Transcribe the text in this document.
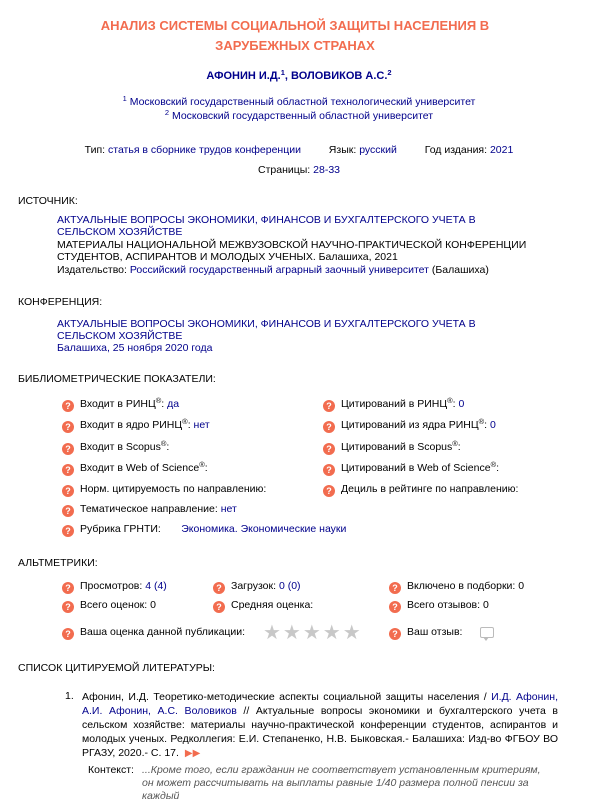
АНАЛИЗ СИСТЕМЫ СОЦИАЛЬНОЙ ЗАЩИТЫ НАСЕЛЕНИЯ В ЗАРУБЕЖНЫХ СТРАНАХ
АФОНИН И.Д.$^1$, ВОЛОВИКОВ А.С.$^2$
$^1$ Московский государственный областной технологический университет
$^2$ Московский государственный областной университет
Тип: статья в сборнике трудов конференции	Язык: русский	Год издания: 2021
Страницы: 28-33
ИСТОЧНИК:
АКТУАЛЬНЫЕ ВОПРОСЫ ЭКОНОМИКИ, ФИНАНСОВ И БУХГАЛТЕРСКОГО УЧЕТА В СЕЛЬСКОМ ХОЗЯЙСТВЕ
МАТЕРИАЛЫ НАЦИОНАЛЬНОЙ МЕЖВУЗОВСКОЙ НАУЧНО-ПРАКТИЧЕСКОЙ КОНФЕРЕНЦИИ СТУДЕНТОВ, АСПИРАНТОВ И МОЛОДЫХ УЧЕНЫХ. Балашиха, 2021
Издательство: Российский государственный аграрный заочный университет (Балашиха)
КОНФЕРЕНЦИЯ:
АКТУАЛЬНЫЕ ВОПРОСЫ ЭКОНОМИКИ, ФИНАНСОВ И БУХГАЛТЕРСКОГО УЧЕТА В СЕЛЬСКОМ ХОЗЯЙСТВЕ
Балашиха, 25 ноября 2020 года
БИБЛИОМЕТРИЧЕСКИЕ ПОКАЗАТЕЛИ:
? Входит в РИНЦ®: да	? Цитирований в РИНЦ®: 0
? Входит в ядро РИНЦ®: нет	? Цитирований из ядра РИНЦ®: 0
? Входит в Scopus®:	? Цитирований в Scopus®:
? Входит в Web of Science®:	? Цитирований в Web of Science®:
? Норм. цитируемость по направлению:	? Дециль в рейтинге по направлению:
? Тематическое направление: нет
? Рубрика ГРНТИ: Экономика. Экономические науки
АЛЬТМЕТРИКИ:
? Просмотров: 4 (4)	? Загрузок: 0 (0)	? Включено в подборки: 0
? Всего оценок: 0	? Средняя оценка:	? Всего отзывов: 0
? Ваша оценка данной публикации: ★★★★★	? Ваш отзыв:
СПИСОК ЦИТИРУЕМОЙ ЛИТЕРАТУРЫ:
1. Афонин, И.Д. Теоретико-методические аспекты социальной защиты населения / И.Д. Афонин, А.И. Афонин, А.С. Воловиков // Актуальные вопросы экономики и бухгалтерского учета в сельском хозяйстве: материалы научно-практической конференции студентов, аспирантов и молодых ученых. Редколлегия: Е.И. Степаненко, Н.В. Быковская.- Балашиха: Изд-во ФГБОУ ВО РГАЗУ, 2020.- С. 17. ▶▶
Контекст: ...Кроме того, если гражданин не соответствует установленным критериям, он может рассчитывать на выплаты равные 1/40 размера полной пенсии за каждый
